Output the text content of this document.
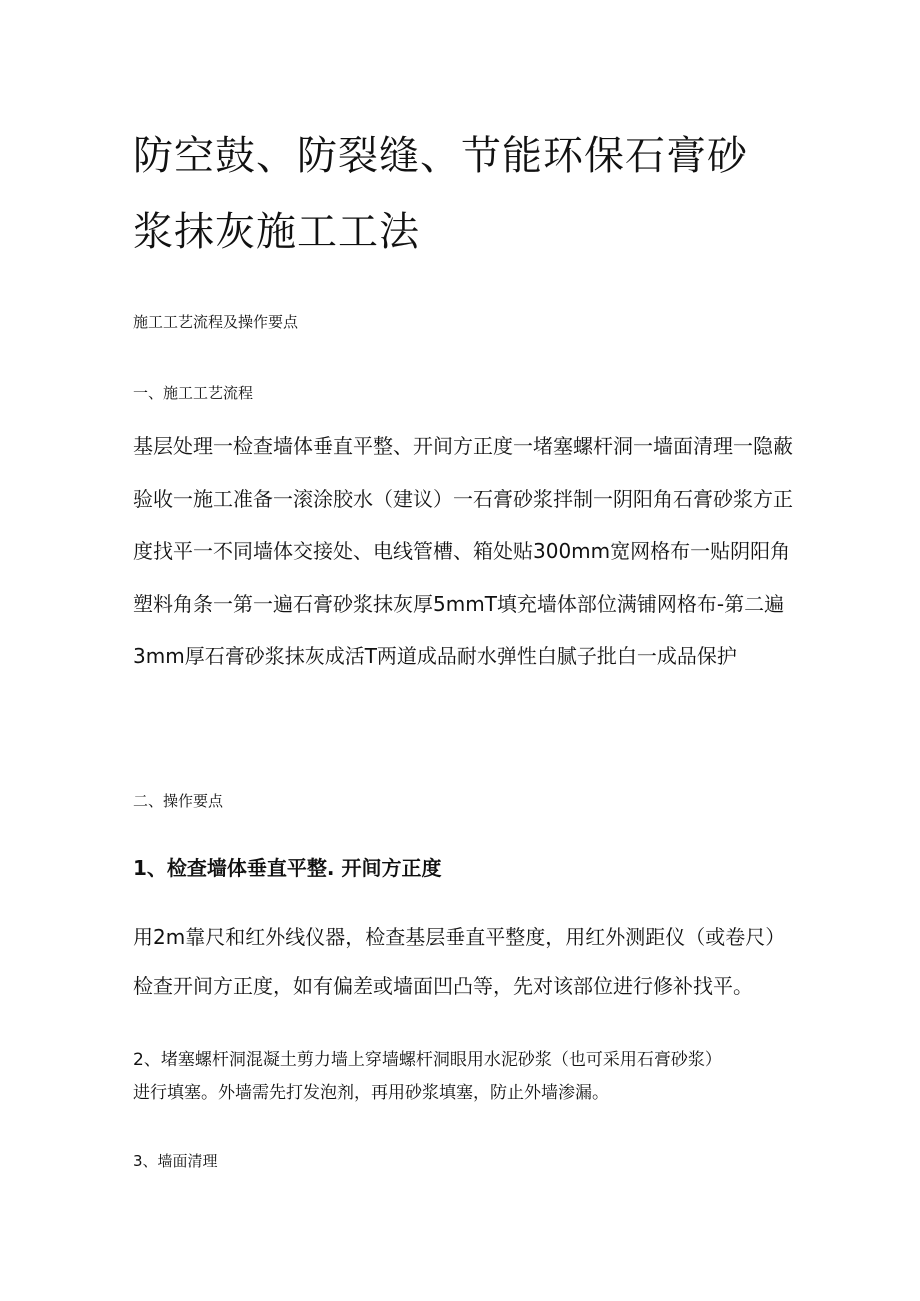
防空鼓、防裂缝、节能环保石膏砂
浆抹灰施工工法
施工工艺流程及操作要点
一、施工工艺流程
基层处理一检查墙体垂直平整、开间方正度一堵塞螺杆洞一墙面清理一隐蔽
验收一施工准备一滚涂胶水（建议）一石膏砂浆拌制一阴阳角石膏砂浆方正
度找平一不同墙体交接处、电线管槽、箱处贴300mm宽网格布一贴阴阳角
塑料角条一第一遍石膏砂浆抹灰厚5mmT填充墙体部位满铺网格布-第二遍
3mm厚石膏砂浆抹灰成活T两道成品耐水弹性白腻子批白一成品保护
二、操作要点
1、检查墙体垂直平整. 开间方正度
用2m靠尺和红外线仪器，检查基层垂直平整度，用红外测距仪（或卷尺）
检查开间方正度，如有偏差或墙面凹凸等，先对该部位进行修补找平。
2、堵塞螺杆洞混凝土剪力墙上穿墙螺杆洞眼用水泥砂浆（也可采用石膏砂浆）
进行填塞。外墙需先打发泡剂，再用砂浆填塞，防止外墙渗漏。
3、墙面清理
